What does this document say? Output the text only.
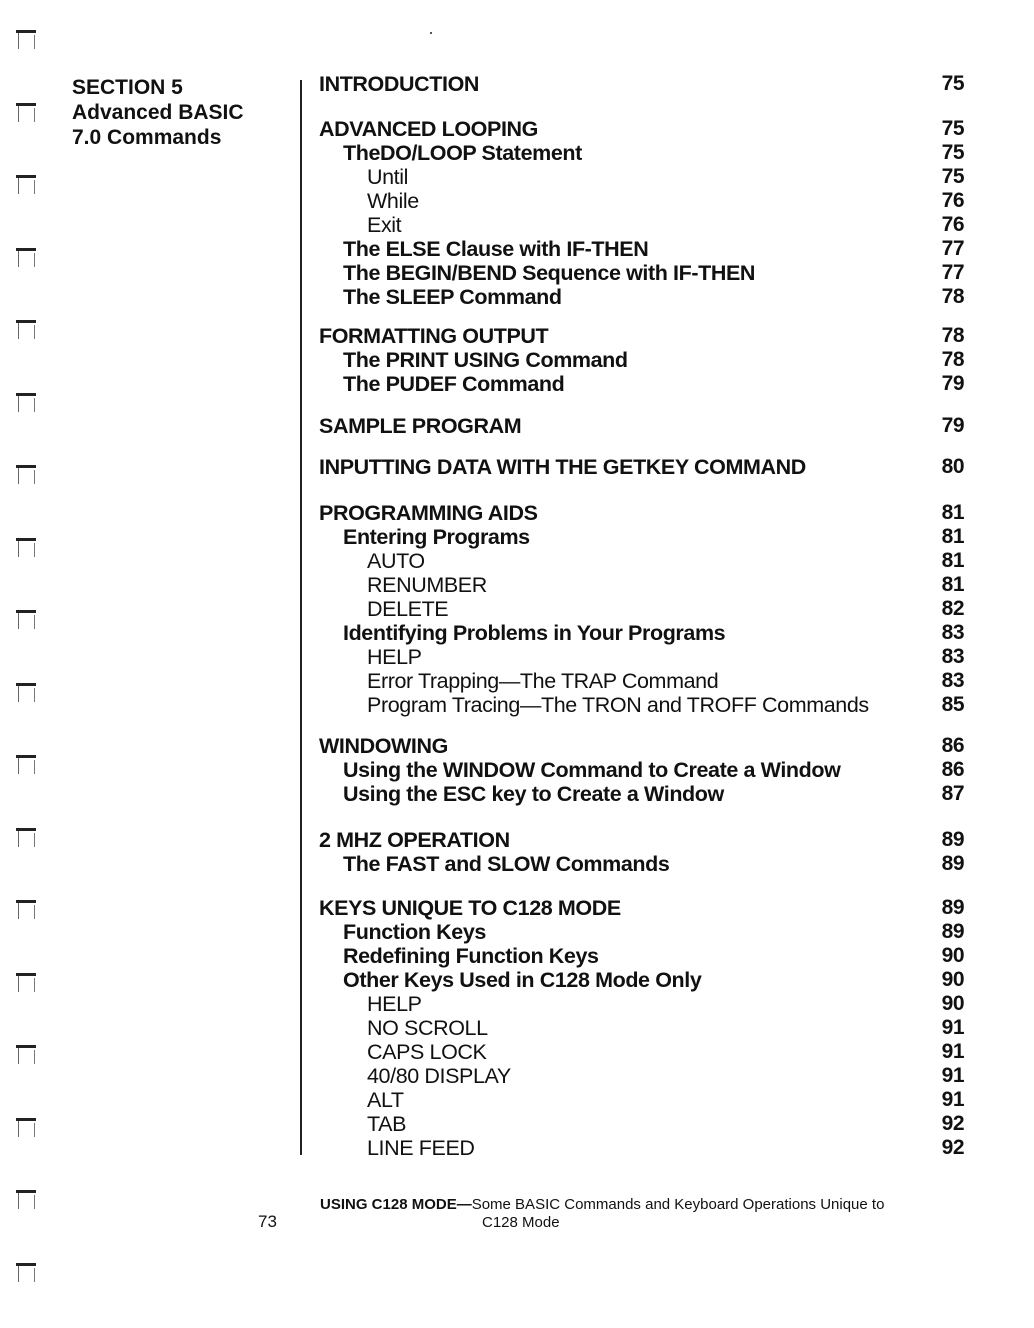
SECTION 5
Advanced BASIC
7.0 Commands
INTRODUCTION	75
ADVANCED LOOPING	75
TheDO/LOOP Statement	75
Until	75
While	76
Exit	76
The ELSE Clause with IF-THEN	77
The BEGIN/BEND Sequence with IF-THEN	77
The SLEEP Command	78
FORMATTING OUTPUT	78
The PRINT USING Command	78
The PUDEF Command	79
SAMPLE PROGRAM	79
INPUTTING DATA WITH THE GETKEY COMMAND	80
PROGRAMMING AIDS	81
Entering Programs	81
AUTO	81
RENUMBER	81
DELETE	82
Identifying Problems in Your Programs	83
HELP	83
Error Trapping—The TRAP Command	83
Program Tracing—The TRON and TROFF Commands	85
WINDOWING	86
Using the WINDOW Command to Create a Window	86
Using the ESC key to Create a Window	87
2 MHZ OPERATION	89
The FAST and SLOW Commands	89
KEYS UNIQUE TO C128 MODE	89
Function Keys	89
Redefining Function Keys	90
Other Keys Used in C128 Mode Only	90
HELP	90
NO SCROLL	91
CAPS LOCK	91
40/80 DISPLAY	91
ALT	91
TAB	92
LINE FEED	92
73
USING C128 MODE—Some BASIC Commands and Keyboard Operations Unique to
C128 Mode
